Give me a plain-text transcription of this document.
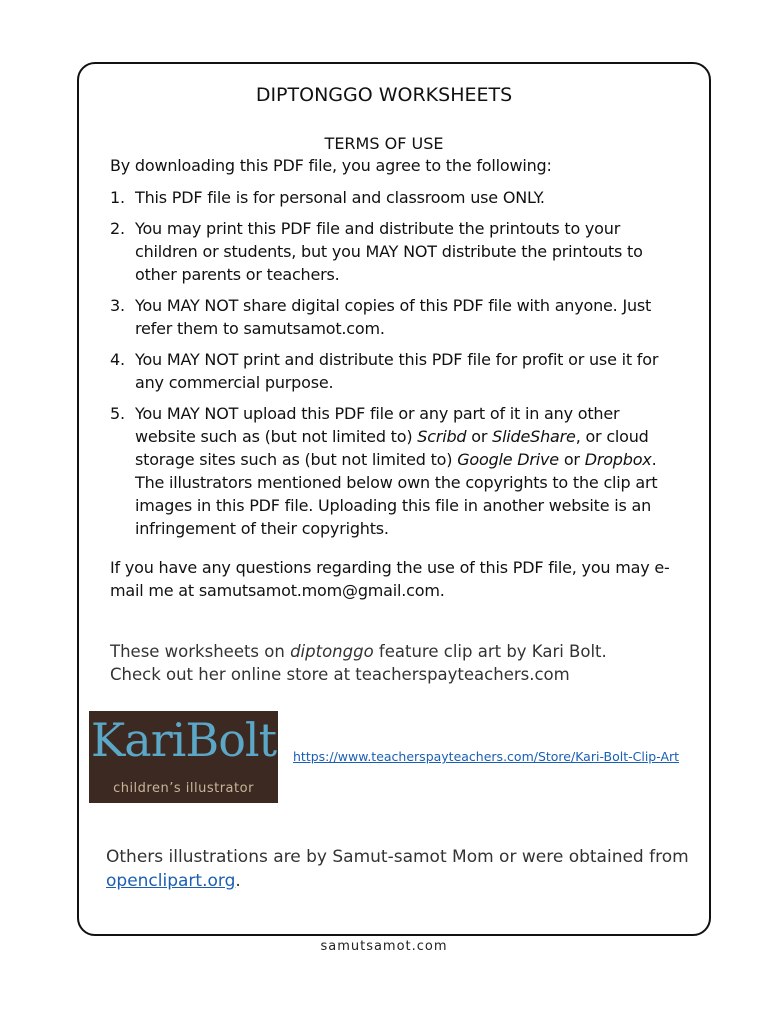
DIPTONGGO WORKSHEETS
TERMS OF USE
By downloading this PDF file, you agree to the following:
1. This PDF file is for personal and classroom use ONLY.
2. You may print this PDF file and distribute the printouts to your children or students, but you MAY NOT distribute the printouts to other parents or teachers.
3. You MAY NOT share digital copies of this PDF file with anyone. Just refer them to samutsamot.com.
4. You MAY NOT print and distribute this PDF file for profit or use it for any commercial purpose.
5. You MAY NOT upload this PDF file or any part of it in any other website such as (but not limited to) Scribd or SlideShare, or cloud storage sites such as (but not limited to) Google Drive or Dropbox. The illustrators mentioned below own the copyrights to the clip art images in this PDF file. Uploading this file in another website is an infringement of their copyrights.
If you have any questions regarding the use of this PDF file, you may e-mail me at samutsamot.mom@gmail.com.
These worksheets on diptonggo feature clip art by Kari Bolt.
Check out her online store at teacherspayteachers.com
KariBolt
children’s illustrator
https://www.teacherspayteachers.com/Store/Kari-Bolt-Clip-Art
Others illustrations are by Samut-samot Mom or were obtained from openclipart.org.
samutsamot.com
